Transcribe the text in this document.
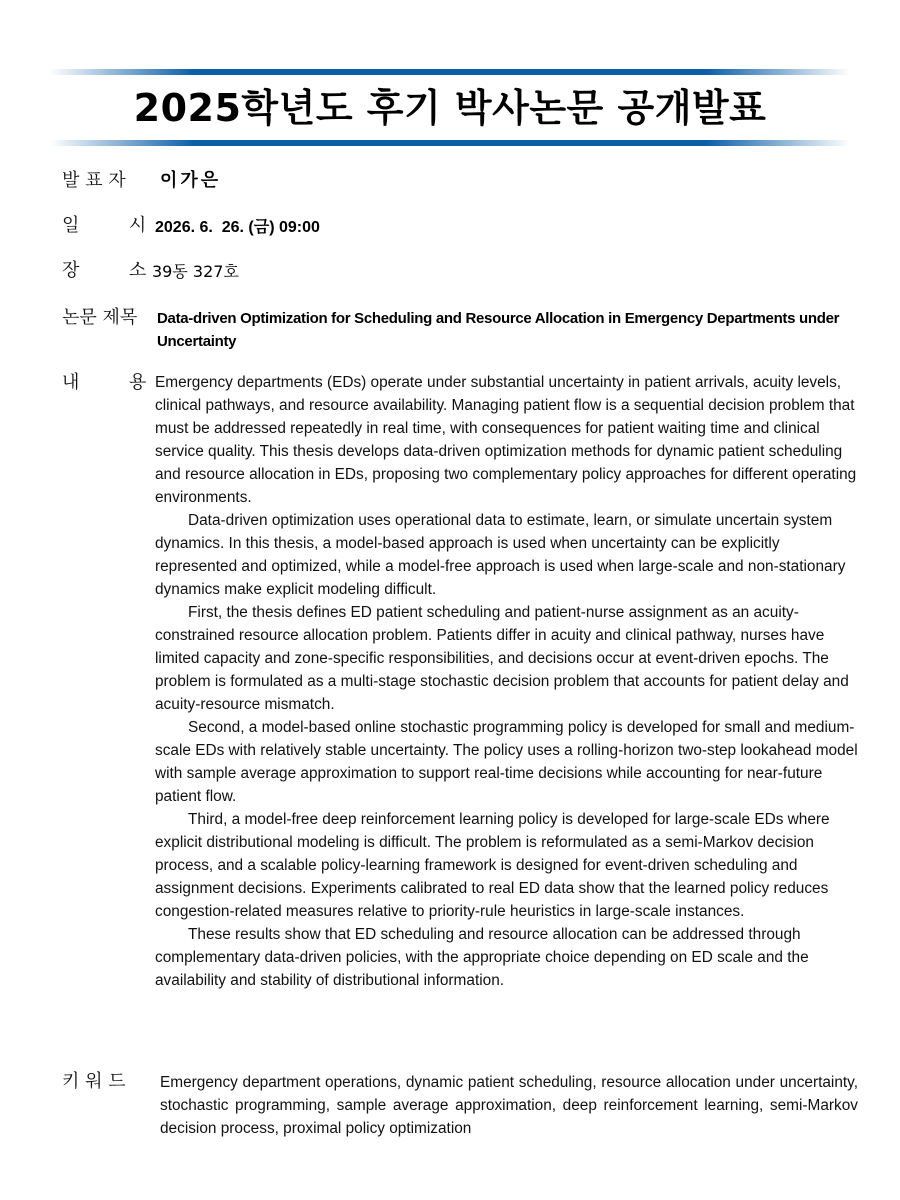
2025학년도 후기 박사논문 공개발표
발 표 자 이가은
일	시 2026. 6.  26. (금) 09:00
장	소 39동 327호
논문 제목 Data-driven Optimization for Scheduling and Resource Allocation in Emergency Departments under Uncertainty
내	용 Emergency departments (EDs) operate under substantial uncertainty in patient arrivals, acuity levels, clinical pathways, and resource availability. Managing patient flow is a sequential decision problem that must be addressed repeatedly in real time, with consequences for patient waiting time and clinical service quality. This thesis develops data-driven optimization methods for dynamic patient scheduling and resource allocation in EDs, proposing two complementary policy approaches for different operating environments.

Data-driven optimization uses operational data to estimate, learn, or simulate uncertain system dynamics. In this thesis, a model-based approach is used when uncertainty can be explicitly represented and optimized, while a model-free approach is used when large-scale and non-stationary dynamics make explicit modeling difficult.

First, the thesis defines ED patient scheduling and patient-nurse assignment as an acuity-constrained resource allocation problem. Patients differ in acuity and clinical pathway, nurses have limited capacity and zone-specific responsibilities, and decisions occur at event-driven epochs. The problem is formulated as a multi-stage stochastic decision problem that accounts for patient delay and acuity-resource mismatch.

Second, a model-based online stochastic programming policy is developed for small and medium-scale EDs with relatively stable uncertainty. The policy uses a rolling-horizon two-step lookahead model with sample average approximation to support real-time decisions while accounting for near-future patient flow.

Third, a model-free deep reinforcement learning policy is developed for large-scale EDs where explicit distributional modeling is difficult. The problem is reformulated as a semi-Markov decision process, and a scalable policy-learning framework is designed for event-driven scheduling and assignment decisions. Experiments calibrated to real ED data show that the learned policy reduces congestion-related measures relative to priority-rule heuristics in large-scale instances.

These results show that ED scheduling and resource allocation can be addressed through complementary data-driven policies, with the appropriate choice depending on ED scale and the availability and stability of distributional information.

키 워 드 Emergency department operations, dynamic patient scheduling, resource allocation under uncertainty, stochastic programming, sample average approximation, deep reinforcement learning, semi-Markov decision process, proximal policy optimization
